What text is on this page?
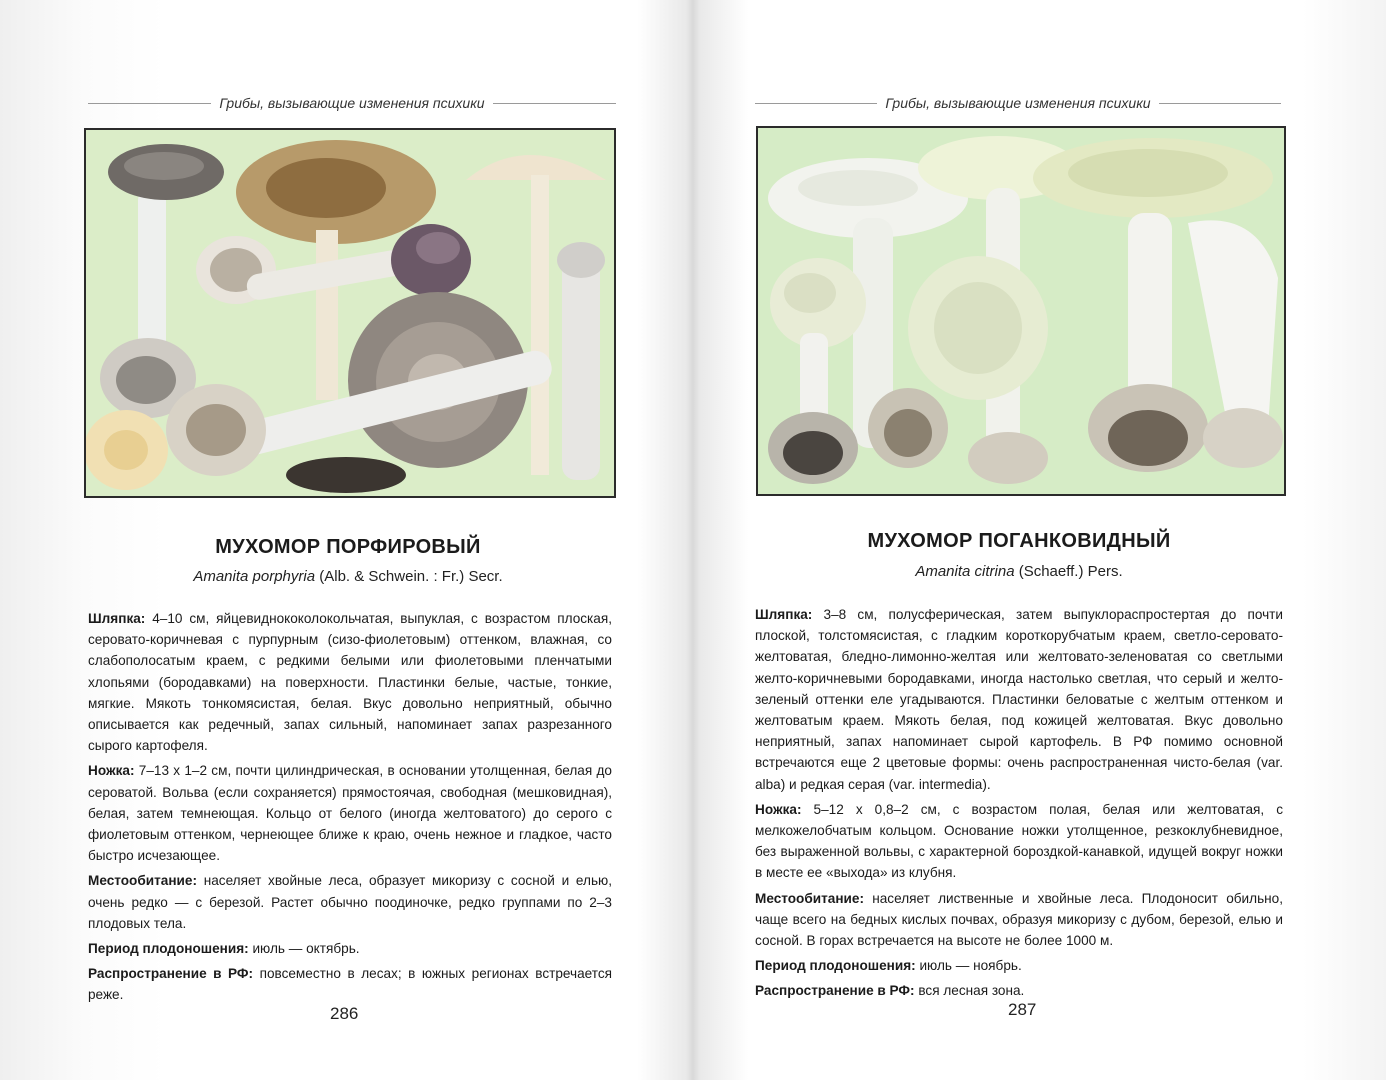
Грибы, вызывающие изменения психики
МУХОМОР ПОРФИРОВЫЙ
Amanita porphyria (Alb. & Schwein. : Fr.) Secr.

Шляпка: 4–10 см, яйцевиднококолокольчатая, выпуклая, с возрастом плоская, серовато-коричневая с пурпурным (сизо-фиолетовым) оттенком, влажная, со слабополосатым краем, с редкими белыми или фиолетовыми пленчатыми хлопьями (бородавками) на поверхности. Пластинки белые, частые, тонкие, мягкие. Мякоть тонкомясистая, белая. Вкус довольно неприятный, обычно описывается как редечный, запах сильный, напоминает запах разрезанного сырого картофеля.

Ножка: 7–13 х 1–2 см, почти цилиндрическая, в основании утолщенная, белая до сероватой. Вольва (если сохраняется) прямостоячая, свободная (мешковидная), белая, затем темнеющая. Кольцо от белого (иногда желтоватого) до серого с фиолетовым оттенком, чернеющее ближе к краю, очень нежное и гладкое, часто быстро исчезающее.

Местообитание: населяет хвойные леса, образует микоризу с сосной и елью, очень редко — с березой. Растет обычно поодиночке, редко группами по 2–3 плодовых тела.

Период плодоношения: июль — октябрь.

Распространение в РФ: повсеместно в лесах; в южных регионах встречается реже.

286
Грибы, вызывающие изменения психики
МУХОМОР ПОГАНКОВИДНЫЙ
Amanita citrina (Schaeff.) Pers.

Шляпка: 3–8 см, полусферическая, затем выпуклораспростертая до почти плоской, толстомясистая, с гладким короткорубчатым краем, светло-серовато-желтоватая, бледно-лимонно-желтая или желтовато-зеленоватая со светлыми желто-коричневыми бородавками, иногда настолько светлая, что серый и желто-зеленый оттенки еле угадываются. Пластинки беловатые с желтым оттенком и желтоватым краем. Мякоть белая, под кожицей желтоватая. Вкус довольно неприятный, запах напоминает сырой картофель. В РФ помимо основной встречаются еще 2 цветовые формы: очень распространенная чисто-белая (var. alba) и редкая серая (var. intermedia).

Ножка: 5–12 х 0,8–2 см, с возрастом полая, белая или желтоватая, с мелкожелобчатым кольцом. Основание ножки утолщенное, резкоклубневидное, без выраженной вольвы, с характерной бороздкой-канавкой, идущей вокруг ножки в месте ее «выхода» из клубня.

Местообитание: населяет лиственные и хвойные леса. Плодоносит обильно, чаще всего на бедных кислых почвах, образуя микоризу с дубом, березой, елью и сосной. В горах встречается на высоте не более 1000 м.

Период плодоношения: июль — ноябрь.

Распространение в РФ: вся лесная зона.

287
